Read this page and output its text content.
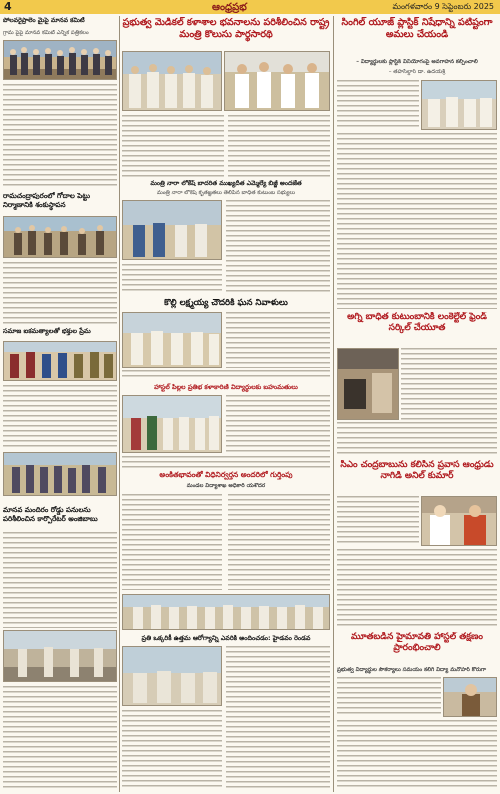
4	ఆంధ్రప్రభ	మంగళవారం 9 సెప్టెంబరు 2025
పోలవరైప్రాలెం మైపై మానవ కమిటీ
గ్రామ పైపై మానవ కమిటీ ఎన్నిక పత్రికలం
రామచంద్రాపురంలో గోదాల పెట్టు నిర్మాణానికి శంకుస్థాపన
సమాజ ఐకమత్యాలతో భక్తుల ప్రేమ
మానవ మందిరం రోడ్డు పనులను పరిశీలించిన కార్పొరేటర్ అంజిబాబు
ప్రభుత్వ మెడికల్ కళాశాల భవనాలను పరిశీలించిన రాష్ట్ర మంత్రి కొలుసు పార్థసారథి
మంత్రి నారా లోకేష్ బాదరిత ముఖ్యదీత ఎమ్మెల్యే బిజ్జీ అందజేత
మంత్రి నారా లోకేష్ కృతజ్ఞతలు తెలిపిన బాధిత కుటుంబ సభ్యులు
కొల్లి లక్ష్మయ్య చౌదరికి ఘన నివాళులు
హాస్టల్ పిల్లల ప్రతిభ కళాకారిణి విద్యార్థులకు బహుమతులు
అంకితభావంతో విధినిర్వర్తన అందరిలో గుర్తింపు
మండల విద్యాశాఖ అధికారి యశోదర
ప్రతి ఒక్కరికీ ఉత్తమ ఆరోగ్యాన్ని ఎవరికి అందించడం: హైడవం రెండవ
సింగిల్ యూజ్ ప్లాస్టిక్ నిషేధాన్ని పటిష్టంగా అమలు చేయండి
– విద్యార్థులకు ప్లాస్టిక్ వినియోగంపై అవగాహన కల్పించాలి
– తహసీల్దార్ డా. ఉదయశ్రీ
అగ్ని బాధిత కుటుంబానికి లంకెల్టేల్ ఫ్రెండ్ సర్కిల్ చేయూత
సీఎం చంద్రబాబును కలిసిన ప్రవాస ఆంధ్రుడు నాగిడి అనిల్ కుమార్
మూతబడిన హైమావతి హాస్టల్ తక్షణం ప్రారంభించాలి
ప్రభుత్వ విద్యార్థుల సౌకర్యాలు సమయం కలిగి విద్యా మనోహర్ కోరుగా
